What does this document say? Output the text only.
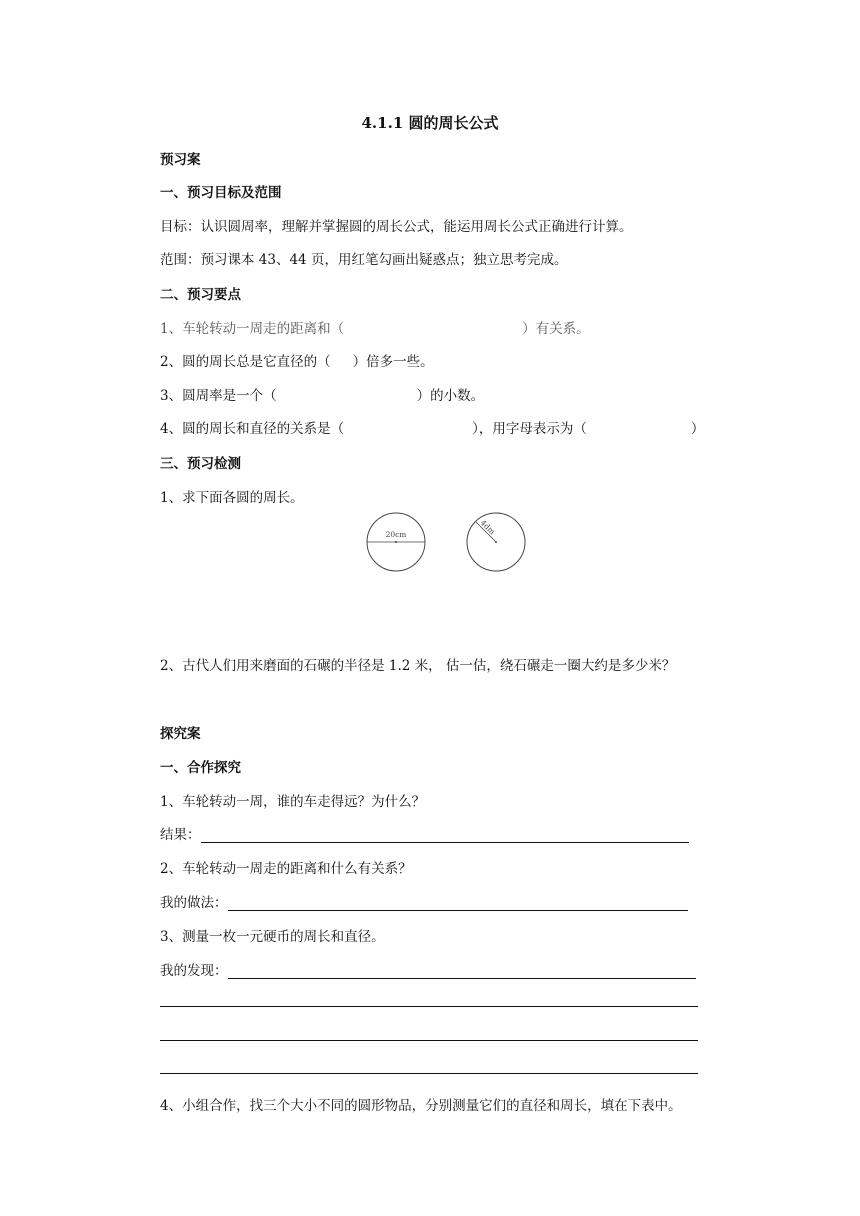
4.1.1 圆的周长公式
预习案
一、预习目标及范围
目标：认识圆周率，理解并掌握圆的周长公式，能运用周长公式正确进行计算。
范围：预习课本 43、44 页，用红笔勾画出疑惑点；独立思考完成。
二、预习要点
1、车轮转动一周走的距离和（	）有关系。
2、圆的周长总是它直径的（ ）倍多一些。
3、圆周率是一个（	）的小数。
4、圆的周长和直径的关系是（	），用字母表示为（	）
三、预习检测
1、求下面各圆的周长。
20cm	4dm
2、古代人们用来磨面的石碾的半径是 1.2 米， 估一估，绕石碾走一圈大约是多少米？
探究案
一、合作探究
1、车轮转动一周，谁的车走得远？为什么？
结果：
2、车轮转动一周走的距离和什么有关系？
我的做法：
3、测量一枚一元硬币的周长和直径。
我的发现：
4、小组合作，找三个大小不同的圆形物品，分别测量它们的直径和周长，填在下表中。
